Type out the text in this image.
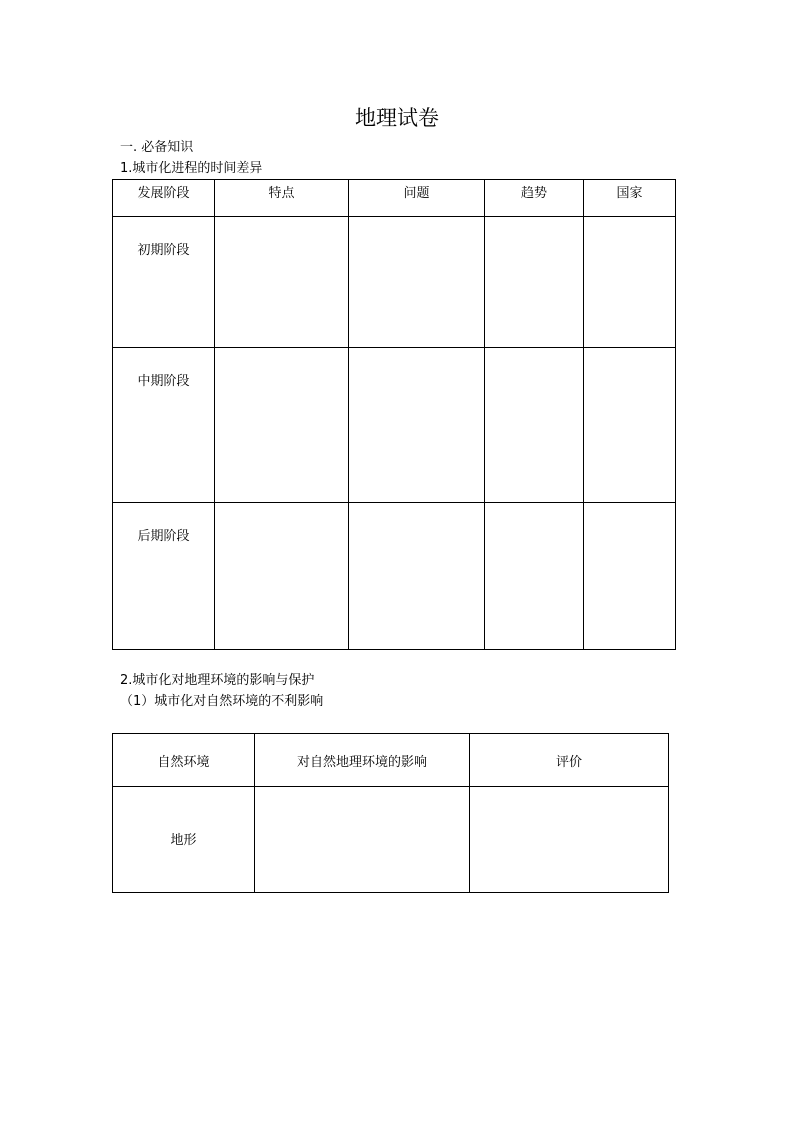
地理试卷
一. 必备知识
1.城市化进程的时间差异
发展阶段	特点	问题	趋势	国家
初期阶段				
中期阶段				
后期阶段				
2.城市化对地理环境的影响与保护
（1）城市化对自然环境的不利影响
自然环境	对自然地理环境的影响	评价
地形		
